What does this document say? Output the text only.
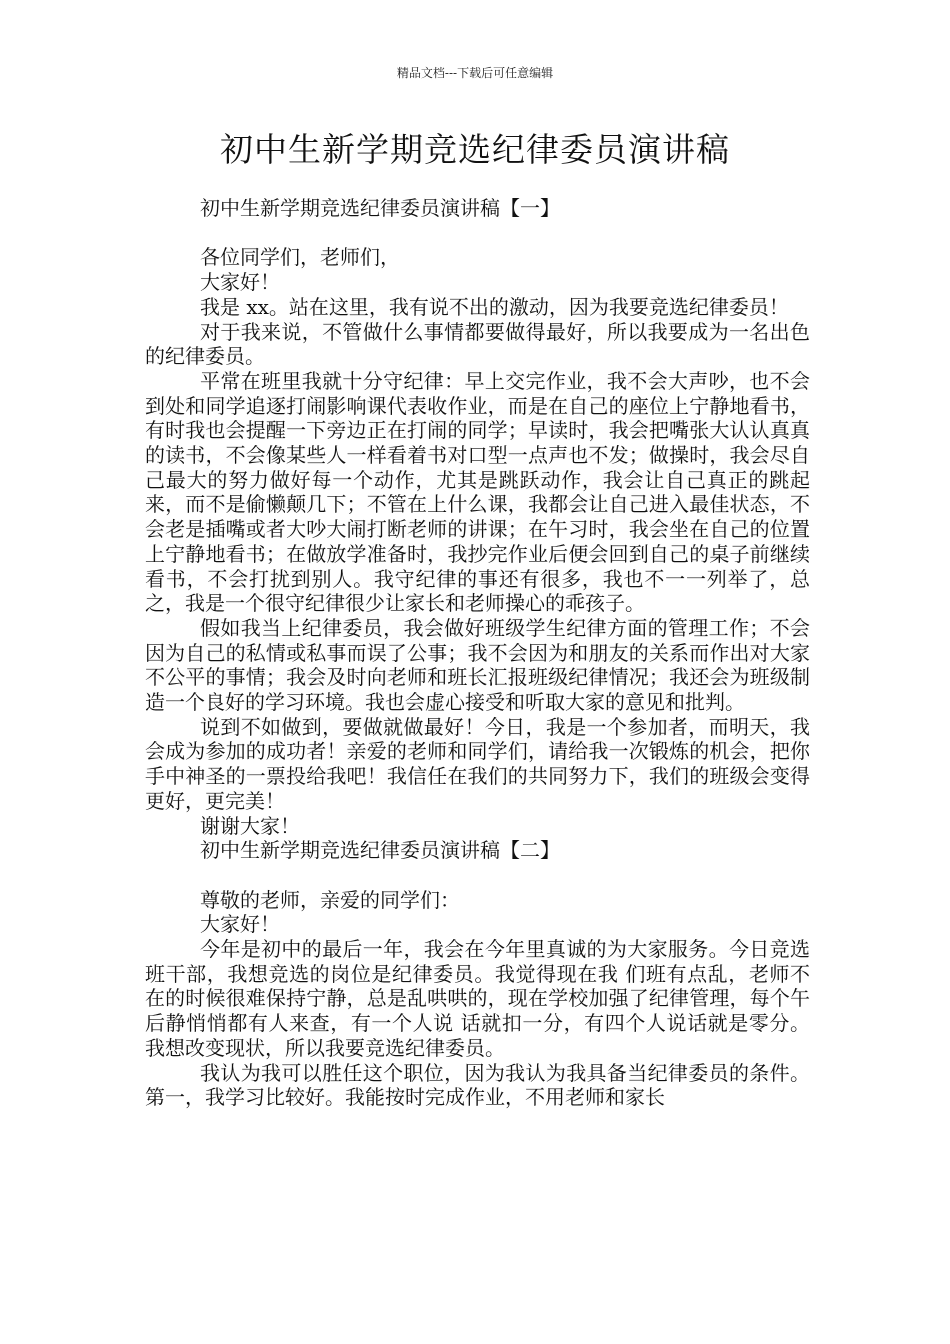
精品文档---下载后可任意编辑
初中生新学期竞选纪律委员演讲稿

初中生新学期竞选纪律委员演讲稿【一】

各位同学们，老师们，

大家好！

我是 xx。站在这里，我有说不出的激动，因为我要竞选纪律委员！

对于我来说，不管做什么事情都要做得最好，所以我要成为一名出色的纪律委员。

平常在班里我就十分守纪律：早上交完作业，我不会大声吵，也不会到处和同学追逐打闹影响课代表收作业，而是在自己的座位上宁静地看书，有时我也会提醒一下旁边正在打闹的同学；早读时，我会把嘴张大认认真真的读书，不会像某些人一样看着书对口型一点声也不发；做操时，我会尽自己最大的努力做好每一个动作，尤其是跳跃动作，我会让自己真正的跳起来，而不是偷懒颠几下；不管在上什么课，我都会让自己进入最佳状态，不会老是插嘴或者大吵大闹打断老师的讲课；在午习时，我会坐在自己的位置上宁静地看书；在做放学准备时，我抄完作业后便会回到自己的桌子前继续看书，不会打扰到别人。我守纪律的事还有很多，我也不一一列举了，总之，我是一个很守纪律很少让家长和老师操心的乖孩子。

假如我当上纪律委员，我会做好班级学生纪律方面的管理工作；不会因为自己的私情或私事而误了公事；我不会因为和朋友的关系而作出对大家不公平的事情；我会及时向老师和班长汇报班级纪律情况；我还会为班级制造一个良好的学习环境。我也会虚心接受和听取大家的意见和批判。

说到不如做到，要做就做最好！今日，我是一个参加者，而明天，我会成为参加的成功者！亲爱的老师和同学们，请给我一次锻炼的机会，把你手中神圣的一票投给我吧！我信任在我们的共同努力下，我们的班级会变得更好，更完美！

谢谢大家！

初中生新学期竞选纪律委员演讲稿【二】

尊敬的老师，亲爱的同学们：

大家好！

今年是初中的最后一年，我会在今年里真诚的为大家服务。今日竞选班干部，我想竞选的岗位是纪律委员。我觉得现在我 们班有点乱，老师不在的时候很难保持宁静，总是乱哄哄的，现在学校加强了纪律管理，每个午后静悄悄都有人来查，有一个人说 话就扣一分，有四个人说话就是零分。我想改变现状，所以我要竞选纪律委员。

我认为我可以胜任这个职位，因为我认为我具备当纪律委员的条件。第一，我学习比较好。我能按时完成作业，不用老师和家长
